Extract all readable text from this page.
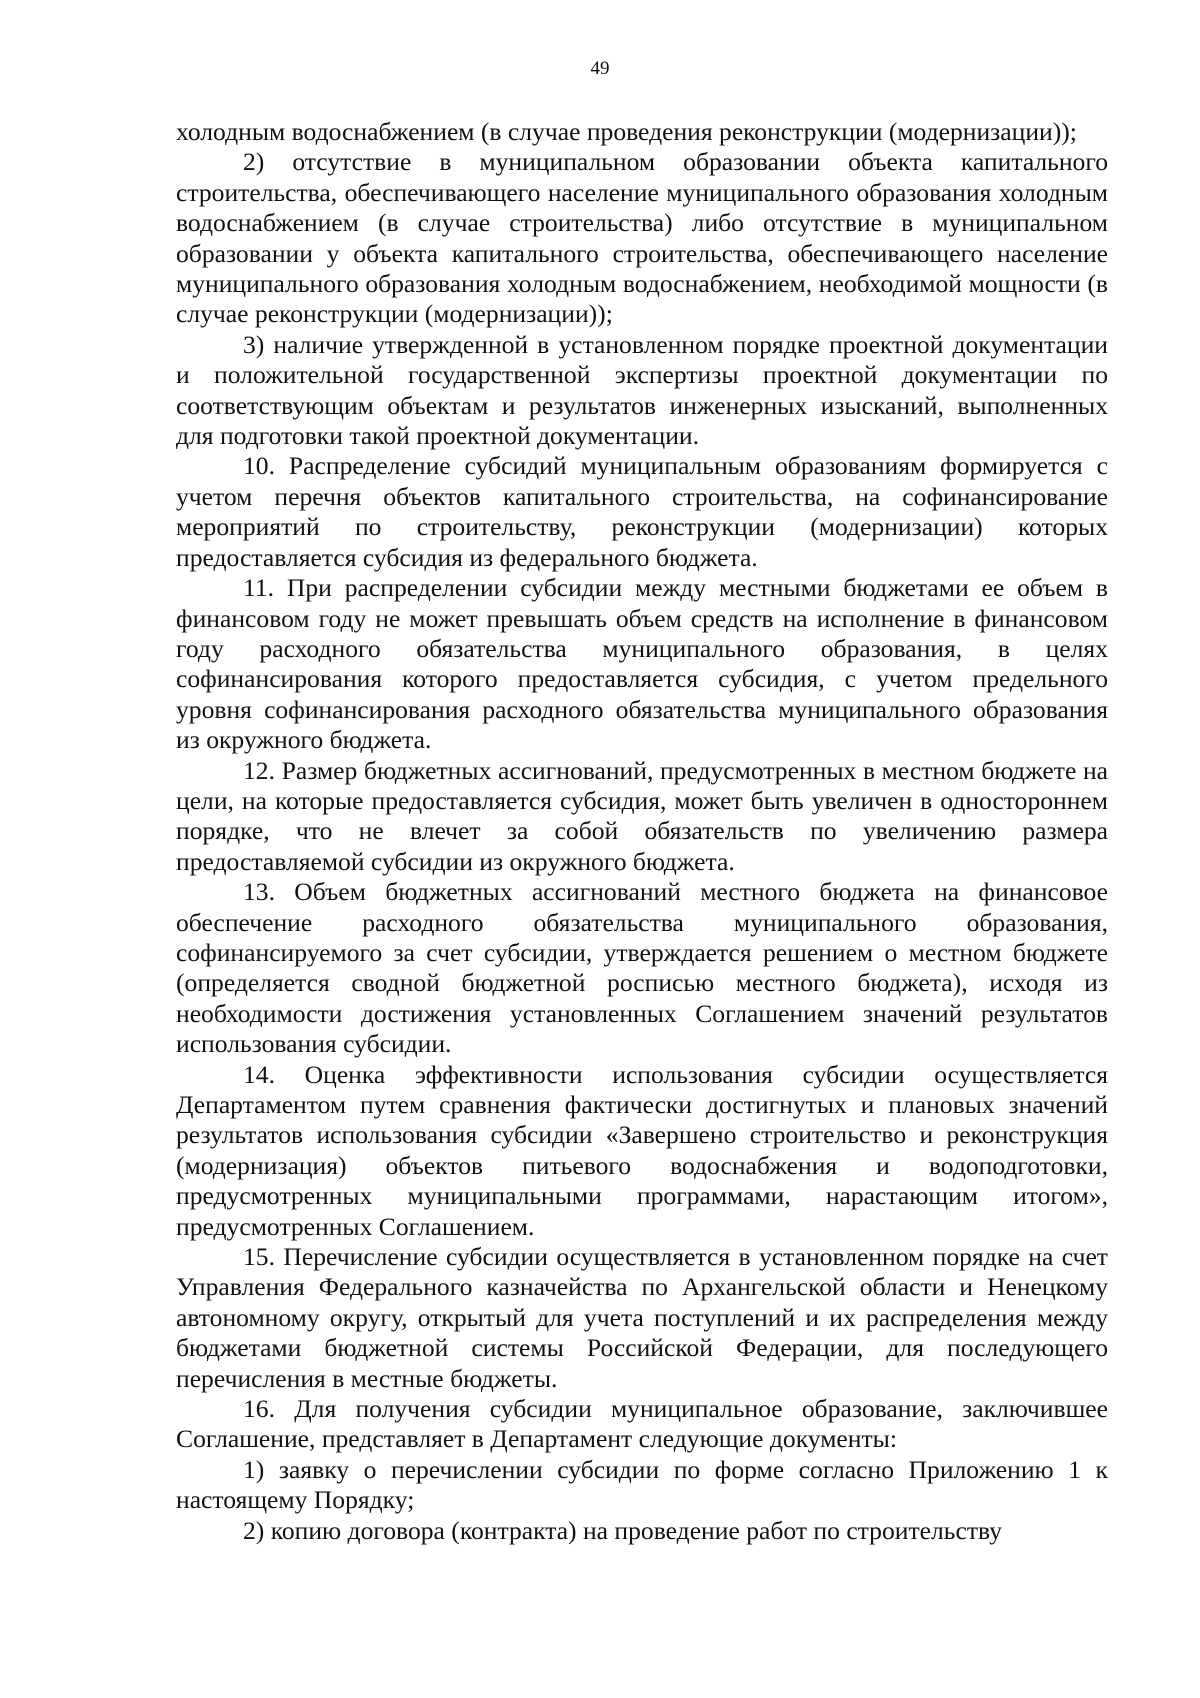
49

холодным водоснабжением (в случае проведения реконструкции (модернизации));

2) отсутствие в муниципальном образовании объекта капитального строительства, обеспечивающего население муниципального образования холодным водоснабжением (в случае строительства) либо отсутствие в муниципальном образовании у объекта капитального строительства, обеспечивающего население муниципального образования холодным водоснабжением, необходимой мощности (в случае реконструкции (модернизации));

3) наличие утвержденной в установленном порядке проектной документации и положительной государственной экспертизы проектной документации по соответствующим объектам и результатов инженерных изысканий, выполненных для подготовки такой проектной документации.

10. Распределение субсидий муниципальным образованиям формируется с учетом перечня объектов капитального строительства, на софинансирование мероприятий по строительству, реконструкции (модернизации) которых предоставляется субсидия из федерального бюджета.

11. При распределении субсидии между местными бюджетами ее объем в финансовом году не может превышать объем средств на исполнение в финансовом году расходного обязательства муниципального образования, в целях софинансирования которого предоставляется субсидия, с учетом предельного уровня софинансирования расходного обязательства муниципального образования из окружного бюджета.

12. Размер бюджетных ассигнований, предусмотренных в местном бюджете на цели, на которые предоставляется субсидия, может быть увеличен в одностороннем порядке, что не влечет за собой обязательств по увеличению размера предоставляемой субсидии из окружного бюджета.

13. Объем бюджетных ассигнований местного бюджета на финансовое обеспечение расходного обязательства муниципального образования, софинансируемого за счет субсидии, утверждается решением о местном бюджете (определяется сводной бюджетной росписью местного бюджета), исходя из необходимости достижения установленных Соглашением значений результатов использования субсидии.

14. Оценка эффективности использования субсидии осуществляется Департаментом путем сравнения фактически достигнутых и плановых значений результатов использования субсидии «Завершено строительство и реконструкция (модернизация) объектов питьевого водоснабжения и водоподготовки, предусмотренных муниципальными программами, нарастающим итогом», предусмотренных Соглашением.

15. Перечисление субсидии осуществляется в установленном порядке на счет Управления Федерального казначейства по Архангельской области и Ненецкому автономному округу, открытый для учета поступлений и их распределения между бюджетами бюджетной системы Российской Федерации, для последующего перечисления в местные бюджеты.

16. Для получения субсидии муниципальное образование, заключившее Соглашение, представляет в Департамент следующие документы:

1) заявку о перечислении субсидии по форме согласно Приложению 1 к настоящему Порядку;

2) копию договора (контракта) на проведение работ по строительству
